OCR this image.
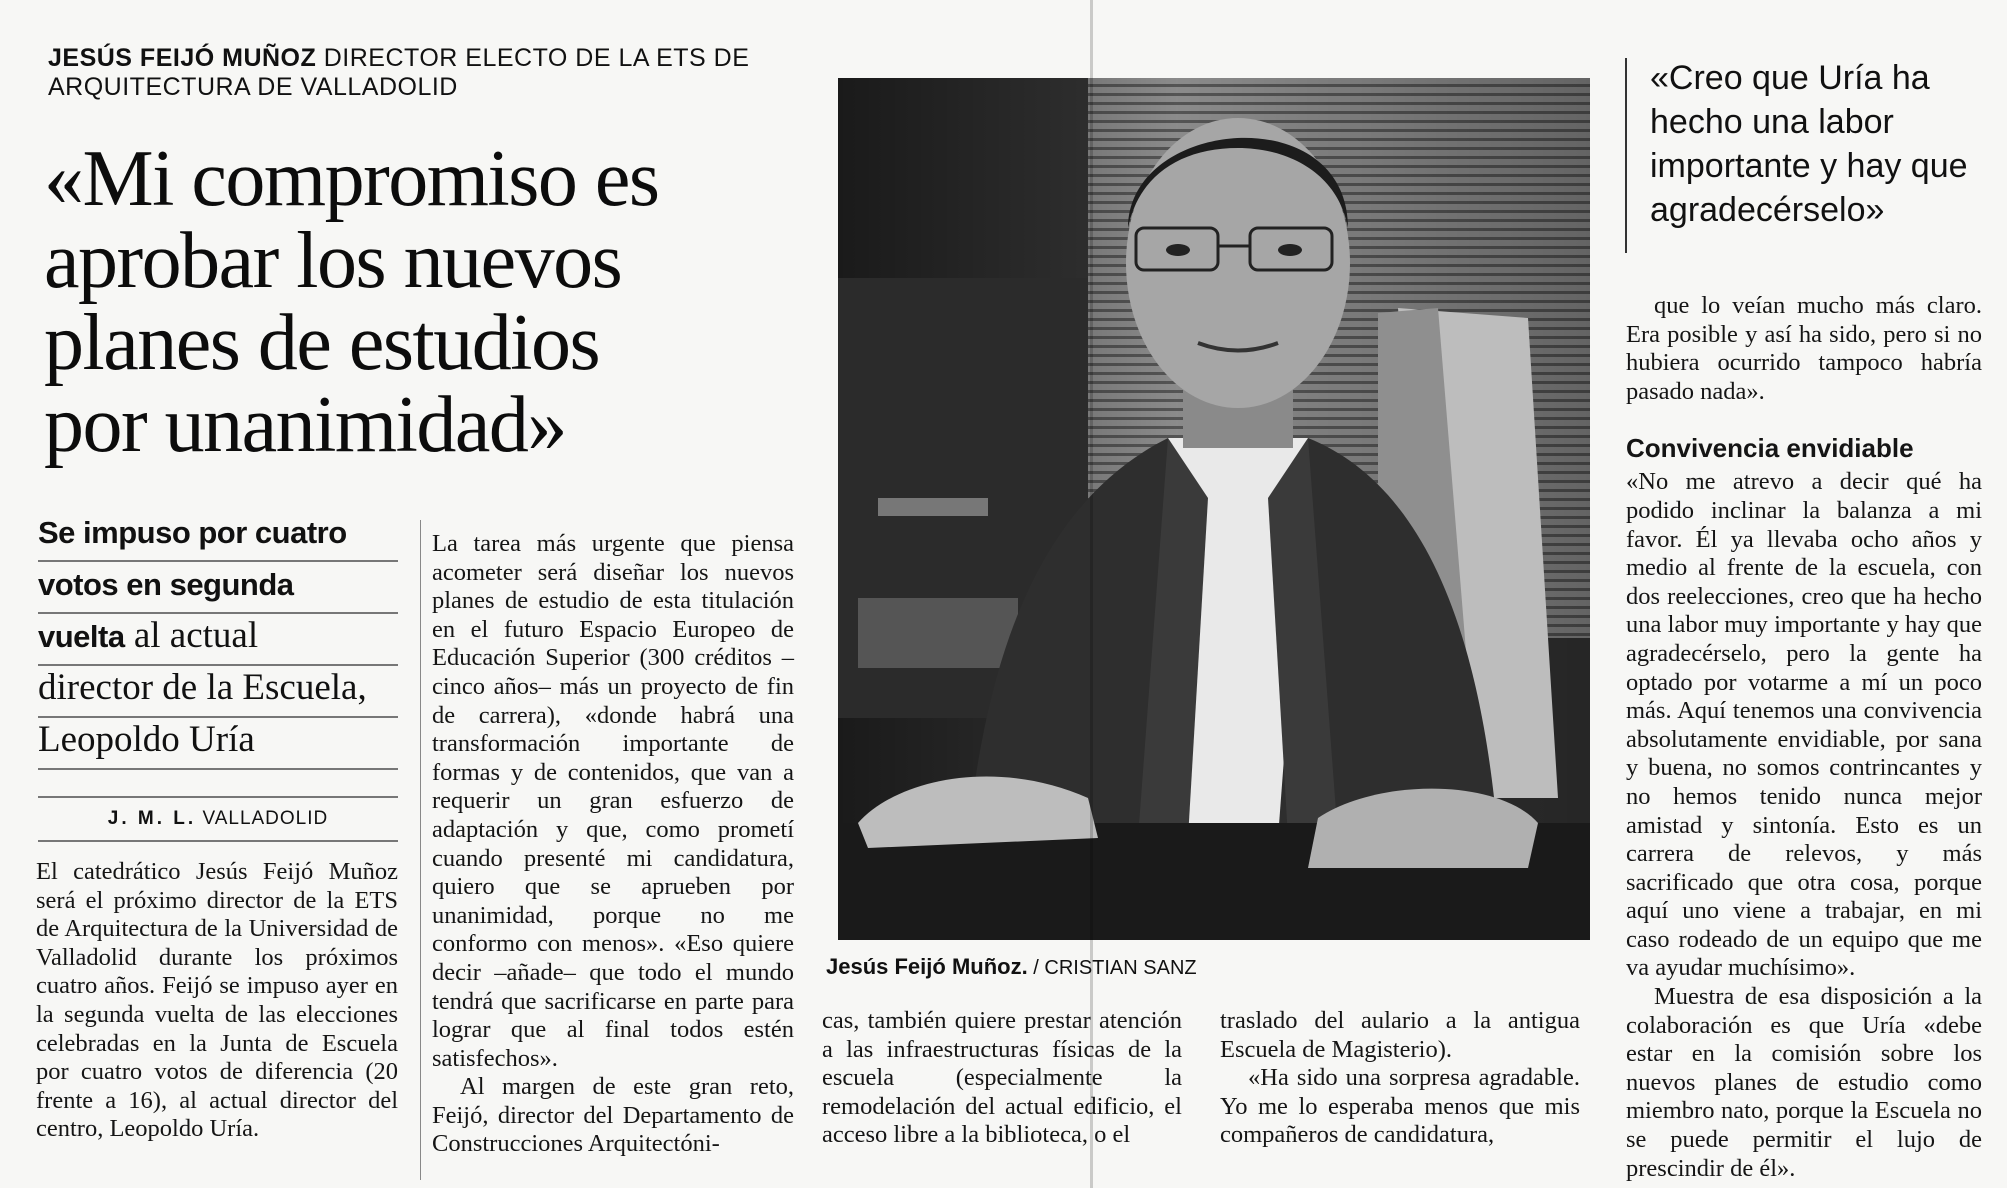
JESÚS FEIJÓ MUÑOZ DIRECTOR ELECTO DE LA ETS DE
ARQUITECTURA DE VALLADOLID
«Mi compromiso es
aprobar los nuevos
planes de estudios
por unanimidad»
Se impuso por cuatro
votos en segunda
vuelta al actual
director de la Escuela,
Leopoldo Uría
J. M. L. VALLADOLID

El catedrático Jesús Feijó Muñoz será el próximo director de la ETS de Arquitectura de la Universidad de Valladolid durante los próximos cuatro años. Feijó se impuso ayer en la segunda vuelta de las elecciones celebradas en la Junta de Escuela por cuatro votos de diferencia (20 frente a 16), al actual director del centro, Leopoldo Uría.

La tarea más urgente que piensa acometer será diseñar los nuevos planes de estudio de esta titulación en el futuro Espacio Europeo de Educación Superior (300 créditos –cinco años– más un proyecto de fin de carrera), «donde habrá una transformación importante de formas y de contenidos, que van a requerir un gran esfuerzo de adaptación y que, como prometí cuando presenté mi candidatura, quiero que se aprueben por unanimidad, porque no me conformo con menos». «Eso quiere decir –añade– que todo el mundo tendrá que sacrificarse en parte para lograr que al final todos estén satisfechos».

Al margen de este gran reto, Feijó, director del Departamento de Construcciones Arquitectóni-

Jesús Feijó Muñoz. / CRISTIAN SANZ

cas, también quiere prestar atención a las infraestructuras físicas de la escuela (especialmente la remodelación del actual edificio, el acceso libre a la biblioteca, o el

traslado del aulario a la antigua Escuela de Magisterio).

«Ha sido una sorpresa agradable. Yo me lo esperaba menos que mis compañeros de candidatura,

«Creo que Uría ha hecho una labor importante y hay que agradecérselo»

que lo veían mucho más claro. Era posible y así ha sido, pero si no hubiera ocurrido tampoco habría pasado nada».

Convivencia envidiable

«No me atrevo a decir qué ha podido inclinar la balanza a mi favor. Él ya llevaba ocho años y medio al frente de la escuela, con dos reelecciones, creo que ha hecho una labor muy importante y hay que agradecérselo, pero la gente ha optado por votarme a mí un poco más. Aquí tenemos una convivencia absolutamente envidiable, por sana y buena, no somos contrincantes y no hemos tenido nunca mejor amistad y sintonía. Esto es un carrera de relevos, y más sacrificado que otra cosa, porque aquí uno viene a trabajar, en mi caso rodeado de un equipo que me va ayudar muchísimo».

Muestra de esa disposición a la colaboración es que Uría «debe estar en la comisión sobre los nuevos planes de estudio como miembro nato, porque la Escuela no se puede permitir el lujo de prescindir de él».
